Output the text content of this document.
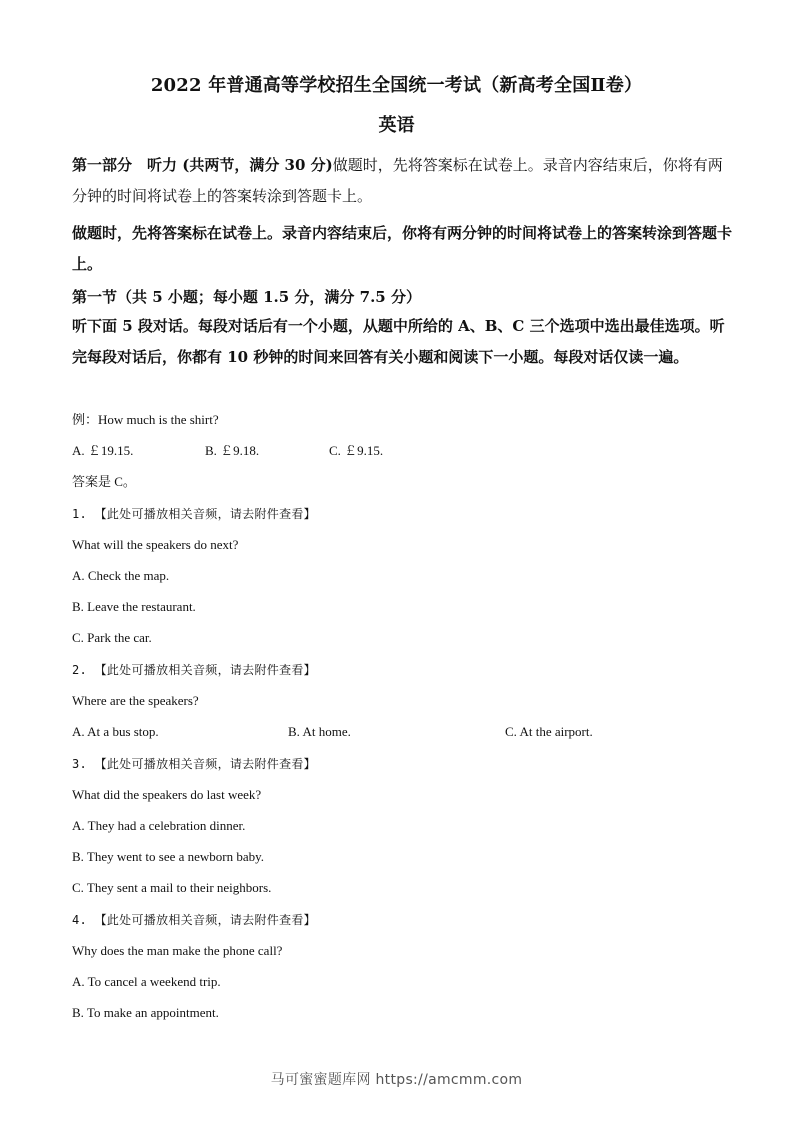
2022 年普通高等学校招生全国统一考试（新高考全国Ⅱ卷）
英语

第一部分　听力 (共两节，满分 30 分)做题时，先将答案标在试卷上。录音内容结束后，你将有两分钟的时间将试卷上的答案转涂到答题卡上。

做题时，先将答案标在试卷上。录音内容结束后，你将有两分钟的时间将试卷上的答案转涂到答题卡上。

第一节（共 5 小题；每小题 1.5 分，满分 7.5 分）

听下面 5 段对话。每段对话后有一个小题，从题中所给的 A、B、C 三个选项中选出最佳选项。听完每段对话后，你都有 10 秒钟的时间来回答有关小题和阅读下一小题。每段对话仅读一遍。

例：How much is the shirt?

A. ￡19.15.	B. ￡9.18.	C. ￡9.15.

答案是 C。

1. 【此处可播放相关音频，请去附件查看】

What will the speakers do next?

A. Check the map.

B. Leave the restaurant.

C. Park the car.

2. 【此处可播放相关音频，请去附件查看】

Where are the speakers?

A. At a bus stop.	B. At home.	C. At the airport.

3. 【此处可播放相关音频，请去附件查看】

What did the speakers do last week?

A. They had a celebration dinner.

B. They went to see a newborn baby.

C. They sent a mail to their neighbors.

4. 【此处可播放相关音频，请去附件查看】

Why does the man make the phone call?

A. To cancel a weekend trip.

B. To make an appointment.

马可蜜蜜题库网 https://amcmm.com
